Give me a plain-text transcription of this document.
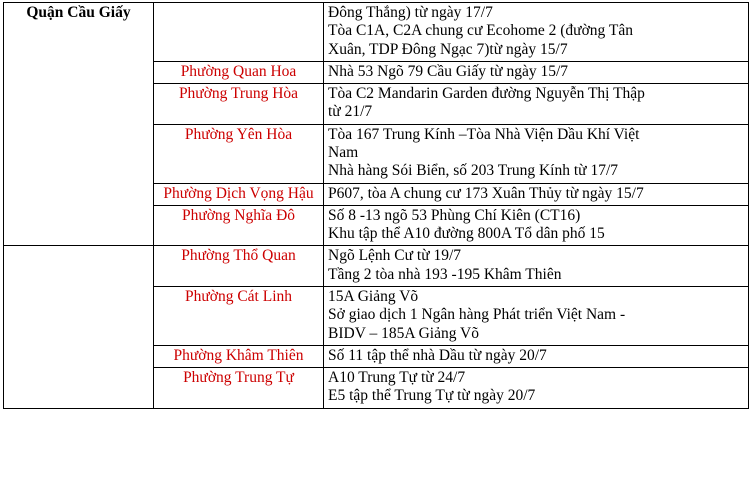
Quận Cầu Giấy		Đông Thắng) từ ngày 17/7
Tòa C1A, C2A chung cư Ecohome 2 (đường Tân
Xuân, TDP Đông Ngạc 7)từ ngày 15/7

	Phường Quan Hoa	Nhà 53 Ngõ 79 Cầu Giấy từ ngày 15/7

	Phường Trung Hòa	Tòa C2 Mandarin Garden đường Nguyễn Thị Thập
từ 21/7

	Phường Yên Hòa	Tòa 167 Trung Kính –Tòa Nhà Viện Dầu Khí Việt
Nam
Nhà hàng Sói Biển, số 203 Trung Kính từ 17/7

	Phường Dịch Vọng Hậu	P607, tòa A chung cư 173 Xuân Thủy từ ngày 15/7

	Phường Nghĩa Đô	Số 8 -13 ngõ 53 Phùng Chí Kiên (CT16)
Khu tập thể A10 đường 800A Tổ dân phố 15

	Phường Thổ Quan	Ngõ Lệnh Cư từ 19/7
Tầng 2 tòa nhà 193 -195 Khâm Thiên

	Phường Cát Linh	15A Giảng Võ
Sở giao dịch 1 Ngân hàng Phát triển Việt Nam -
BIDV – 185A Giảng Võ

	Phường Khâm Thiên	Số 11 tập thể nhà Dầu từ ngày 20/7

	Phường Trung Tự	A10 Trung Tự từ 24/7
E5 tập thể Trung Tự từ ngày 20/7
